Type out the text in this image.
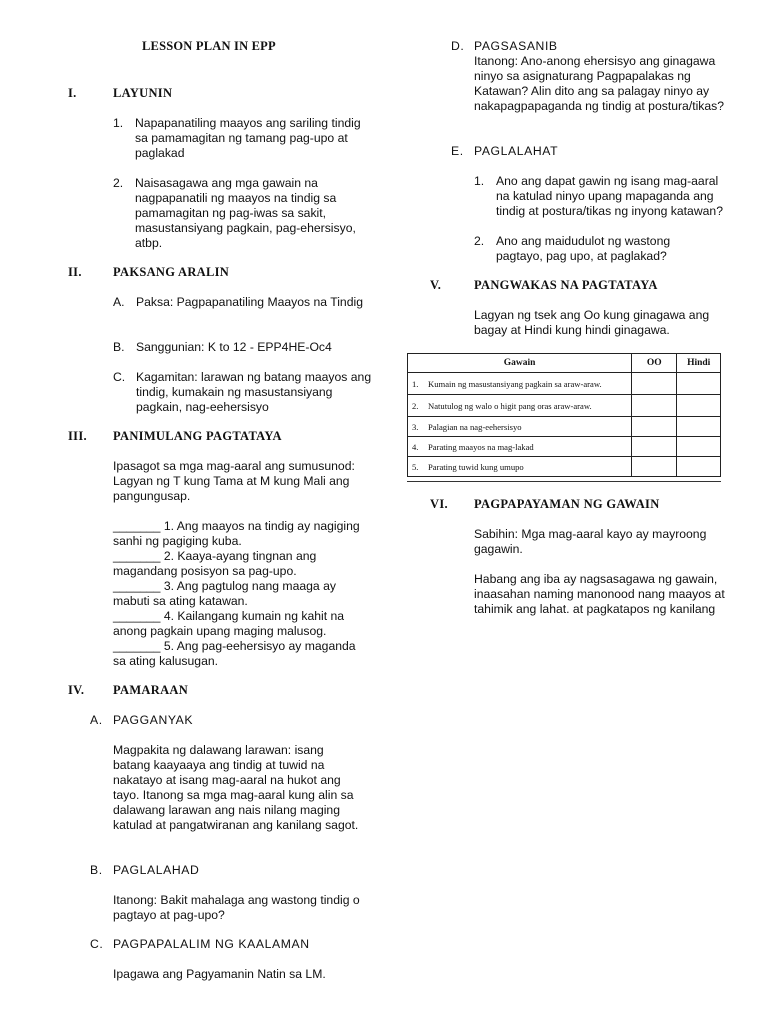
LESSON PLAN IN EPP
I.	LAYUNIN
1. Napapanatiling maayos ang sariling tindig sa pamamagitan ng tamang pag-upo at paglakad
2. Naisasagawa ang mga gawain na nagpapanatili ng maayos na tindig sa pamamagitan ng pag-iwas sa sakit, masustansiyang pagkain, pag-ehersisyo, atbp.
II. PAKSANG ARALIN
A. Paksa: Pagpapanatiling Maayos na Tindig
B. Sanggunian: K to 12 - EPP4HE-Oc4
C. Kagamitan: larawan ng batang maayos ang tindig, kumakain ng masustansiyang pagkain, nag-eehersisyo
III. PANIMULANG PAGTATAYA

Ipasagot sa mga mag-aaral ang sumusunod: Lagyan ng T kung Tama at M kung Mali ang pangungusap.

_______ 1. Ang maayos na tindig ay nagiging sanhi ng pagiging kuba.

_______ 2. Kaaya-ayang tingnan ang magandang posisyon sa pag-upo.

_______ 3. Ang pagtulog nang maaga ay mabuti sa ating katawan.

_______ 4. Kailangang kumain ng kahit na anong pagkain upang maging malusog.

_______ 5. Ang pag-eehersisyo ay maganda sa ating kalusugan.

IV. PAMARAAN
A. PAGGANYAK

Magpakita ng dalawang larawan: isang batang kaayaaya ang tindig at tuwid na nakatayo at isang mag-aaral na hukot ang tayo. Itanong sa mga mag-aaral kung alin sa dalawang larawan ang nais nilang maging katulad at pangatwiranan ang kanilang sagot.

B. PAGLALAHAD

Itanong: Bakit mahalaga ang wastong tindig o pagtayo at pag-upo?

C. PAGPAPALALIM NG KAALAMAN

Ipagawa ang Pagyamanin Natin sa LM.

D. PAGSASANIB

Itanong: Ano-anong ehersisyo ang ginagawa ninyo sa asignaturang Pagpapalakas ng Katawan? Alin dito ang sa palagay ninyo ay nakapagpapaganda ng tindig at postura/tikas?

E. PAGLALAHAT
1. Ano ang dapat gawin ng isang mag-aaral na katulad ninyo upang mapaganda ang tindig at postura/tikas ng inyong katawan?
2. Ano ang maidudulot ng wastong pagtayo, pag upo, at paglakad?
V.	PANGWAKAS NA PAGTATAYA

Lagyan ng tsek ang Oo kung ginagawa ang bagay at Hindi kung hindi ginagawa.

Gawain	OO	Hindi
1. Kumain ng masustansiyang pagkain sa araw-araw.		
2. Natutulog ng walo o higit pang oras araw-araw.		
3. Palagian na nag-eehersisyo		
4. Parating maayos na mag-lakad		
5. Parating tuwid kung umupo		
VI. PAGPAPAYAMAN NG GAWAIN

Sabihin: Mga mag-aaral kayo ay mayroong gagawin.

Habang ang iba ay nagsasagawa ng gawain, inaasahan naming manonood nang maayos at tahimik ang lahat. at pagkatapos ng kanilang
